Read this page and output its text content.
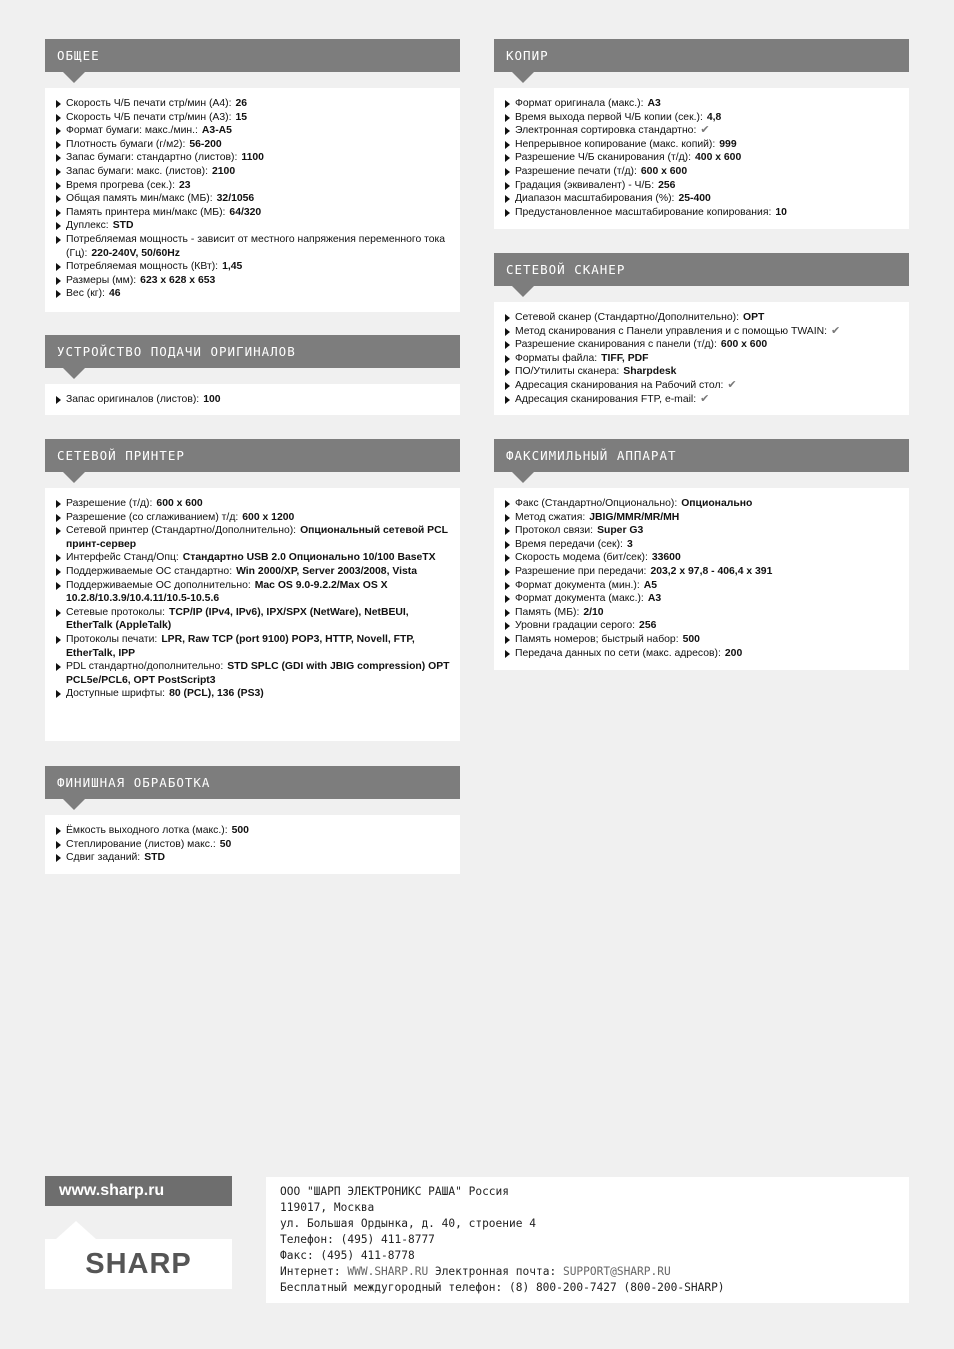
ОБЩЕЕ
Скорость Ч/Б печати стр/мин (А4): 26
Скорость Ч/Б печати стр/мин (А3): 15
Формат бумаги: макс./мин.: А3-А5
Плотность бумаги (г/м2): 56-200
Запас бумаги: стандартно (листов): 1100
Запас бумаги: макс. (листов): 2100
Время прогрева (сек.): 23
Общая память мин/макс (МБ): 32/1056
Память принтера мин/макс (МБ): 64/320
Дуплекс: STD
Потребляемая мощность - зависит от местного напряжения переменного тока (Гц): 220-240V, 50/60Hz
Потребляемая мощность (КВт): 1,45
Размеры (мм): 623 x 628 x 653
Вес (кг): 46
УСТРОЙСТВО ПОДАЧИ ОРИГИНАЛОВ
Запас оригиналов (листов): 100
СЕТЕВОЙ ПРИНТЕР
Разрешение (т/д): 600 x 600
Разрешение (со сглаживанием) т/д: 600 x 1200
Сетевой принтер (Стандартно/Дополнительно): Опциональный сетевой PCL принт-сервер
Интерфейс Станд/Опц: Стандартно USB 2.0 Опционально 10/100 BaseTX
Поддерживаемые ОС стандартно: Win 2000/XP, Server 2003/2008, Vista
Поддерживаемые ОС дополнительно: Mac OS 9.0-9.2.2/Max OS X 10.2.8/10.3.9/10.4.11/10.5-10.5.6
Сетевые протоколы: TCP/IP (IPv4, IPv6), IPX/SPX (NetWare), NetBEUI, EtherTalk (AppleTalk)
Протоколы печати: LPR, Raw TCP (port 9100) POP3, HTTP, Novell, FTP, EtherTalk, IPP
PDL стандартно/дополнительно: STD SPLC (GDI with JBIG compression) OPT PCL5e/PCL6, OPT PostScript3
Доступные шрифты: 80 (PCL), 136 (PS3)
ФИНИШНАЯ ОБРАБОТКА
Ёмкость выходного лотка (макс.): 500
Степлирование (листов) макс.: 50
Сдвиг заданий: STD
КОПИР
Формат оригинала (макс.): А3
Время выхода первой Ч/Б копии (сек.): 4,8
Электронная сортировка стандартно: ✔
Непрерывное копирование (макс. копий): 999
Разрешение Ч/Б сканирования (т/д): 400 x 600
Разрешение печати (т/д): 600 x 600
Градация (эквивалент) - Ч/Б: 256
Диапазон масштабирования (%): 25-400
Предустановленное масштабирование копирования: 10
СЕТЕВОЙ СКАНЕР
Сетевой сканер (Стандартно/Дополнительно): OPT
Метод сканирования с Панели управления и с помощью TWAIN: ✔
Разрешение сканирования с панели (т/д): 600 x 600
Форматы файла: TIFF, PDF
ПО/Утилиты сканера: Sharpdesk
Адресация сканирования на Рабочий стол: ✔
Адресация сканирования FTP, e-mail: ✔
ФАКСИМИЛЬНЫЙ АППАРАТ
Факс (Стандартно/Опционально): Опционально
Метод сжатия: JBIG/MMR/MR/MH
Протокол связи: Super G3
Время передачи (сек): 3
Скорость модема (бит/сек): 33600
Разрешение при передачи: 203,2 x 97,8 - 406,4 x 391
Формат документа (мин.): А5
Формат документа (макс.): А3
Память (МБ): 2/10
Уровни градации серого: 256
Память номеров; быстрый набор: 500
Передача данных по сети (макс. адресов): 200
www.sharp.ru
SHARP
ООО "ШАРП ЭЛЕКТРОНИКС РАША" Россия
119017, Москва
ул. Большая Ордынка, д. 40, строение 4
Телефон: (495) 411-8777
Факс: (495) 411-8778
Интернет: WWW.SHARP.RU Электронная почта: SUPPORT@SHARP.RU
Бесплатный междугородный телефон: (8) 800-200-7427 (800-200-SHARP)
